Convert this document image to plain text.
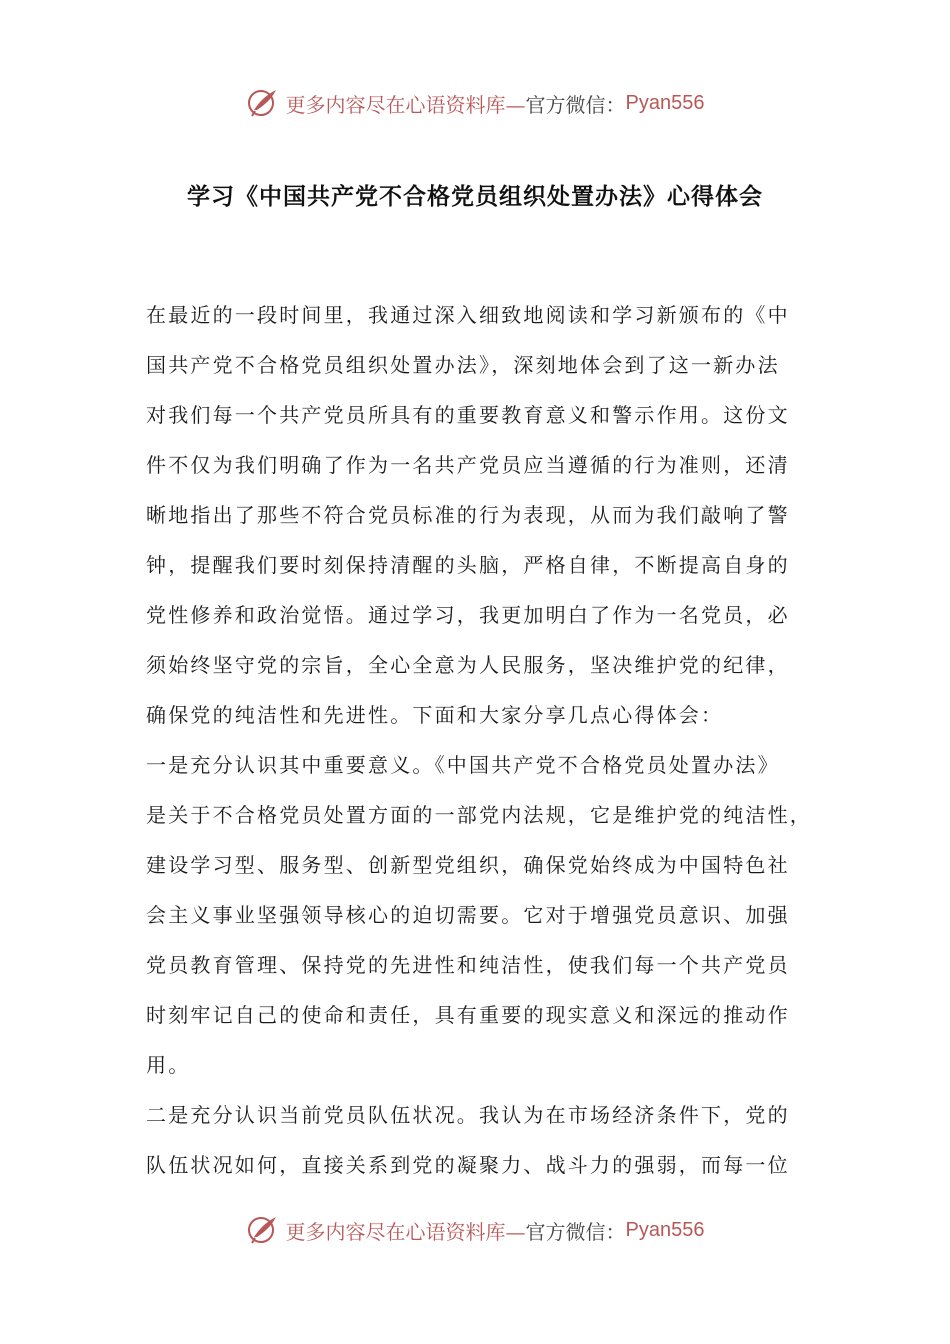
更多内容尽在心语资料库— 官方微信： Pyan556
学习《中国共产党不合格党员组织处置办法》心得体会
在最近的一段时间里，我通过深入细致地阅读和学习新颁布的《中
国共产党不合格党员组织处置办法》，深刻地体会到了这一新办法
对我们每一个共产党员所具有的重要教育意义和警示作用。这份文
件不仅为我们明确了作为一名共产党员应当遵循的行为准则，还清
晰地指出了那些不符合党员标准的行为表现，从而为我们敲响了警
钟，提醒我们要时刻保持清醒的头脑，严格自律，不断提高自身的
党性修养和政治觉悟。通过学习，我更加明白了作为一名党员，必
须始终坚守党的宗旨，全心全意为人民服务，坚决维护党的纪律，
确保党的纯洁性和先进性。下面和大家分享几点心得体会：
一是充分认识其中重要意义。《中国共产党不合格党员处置办法》
是关于不合格党员处置方面的一部党内法规，它是维护党的纯洁性，
建设学习型、服务型、创新型党组织，确保党始终成为中国特色社
会主义事业坚强领导核心的迫切需要。它对于增强党员意识、加强
党员教育管理、保持党的先进性和纯洁性，使我们每一个共产党员
时刻牢记自己的使命和责任，具有重要的现实意义和深远的推动作
用。
二是充分认识当前党员队伍状况。我认为在市场经济条件下，党的
队伍状况如何，直接关系到党的凝聚力、战斗力的强弱，而每一位
更多内容尽在心语资料库— 官方微信： Pyan556
